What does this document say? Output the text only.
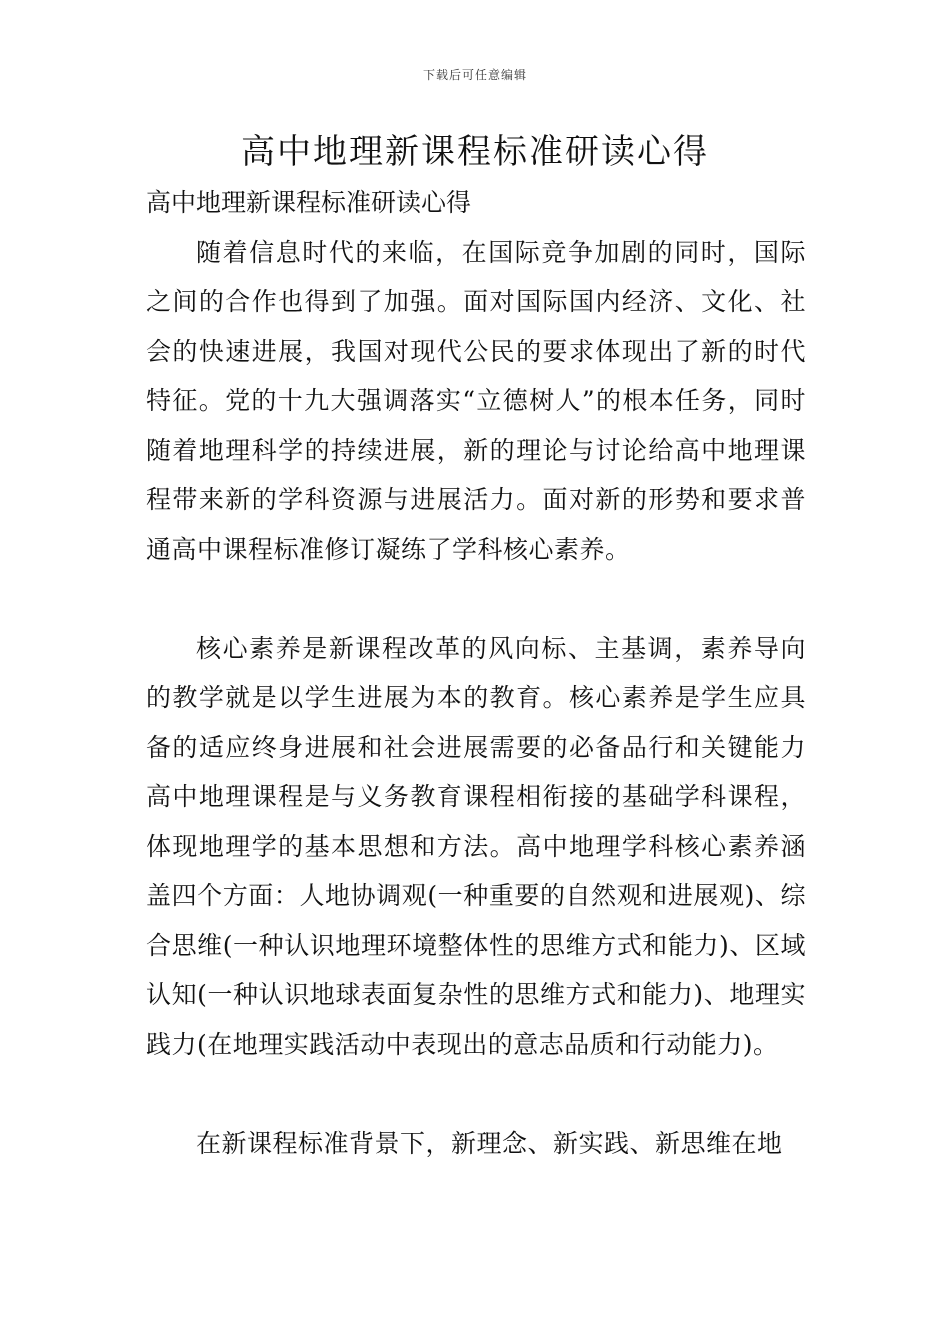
下载后可任意编辑
高中地理新课程标准研读心得

高中地理新课程标准研读心得

随着信息时代的来临，在国际竞争加剧的同时，国际之间的合作也得到了加强。面对国际国内经济、文化、社会的快速进展，我国对现代公民的要求体现出了新的时代特征。党的十九大强调落实“立德树人”的根本任务，同时随着地理科学的持续进展，新的理论与讨论给高中地理课程带来新的学科资源与进展活力。面对新的形势和要求普通高中课程标准修订凝练了学科核心素养。

核心素养是新课程改革的风向标、主基调，素养导向的教学就是以学生进展为本的教育。核心素养是学生应具备的适应终身进展和社会进展需要的必备品行和关键能力高中地理课程是与义务教育课程相衔接的基础学科课程，体现地理学的基本思想和方法。高中地理学科核心素养涵盖四个方面：人地协调观(一种重要的自然观和进展观)、综合思维(一种认识地理环境整体性的思维方式和能力)、区域认知(一种认识地球表面复杂性的思维方式和能力)、地理实践力(在地理实践活动中表现出的意志品质和行动能力)。

在新课程标准背景下，新理念、新实践、新思维在地
